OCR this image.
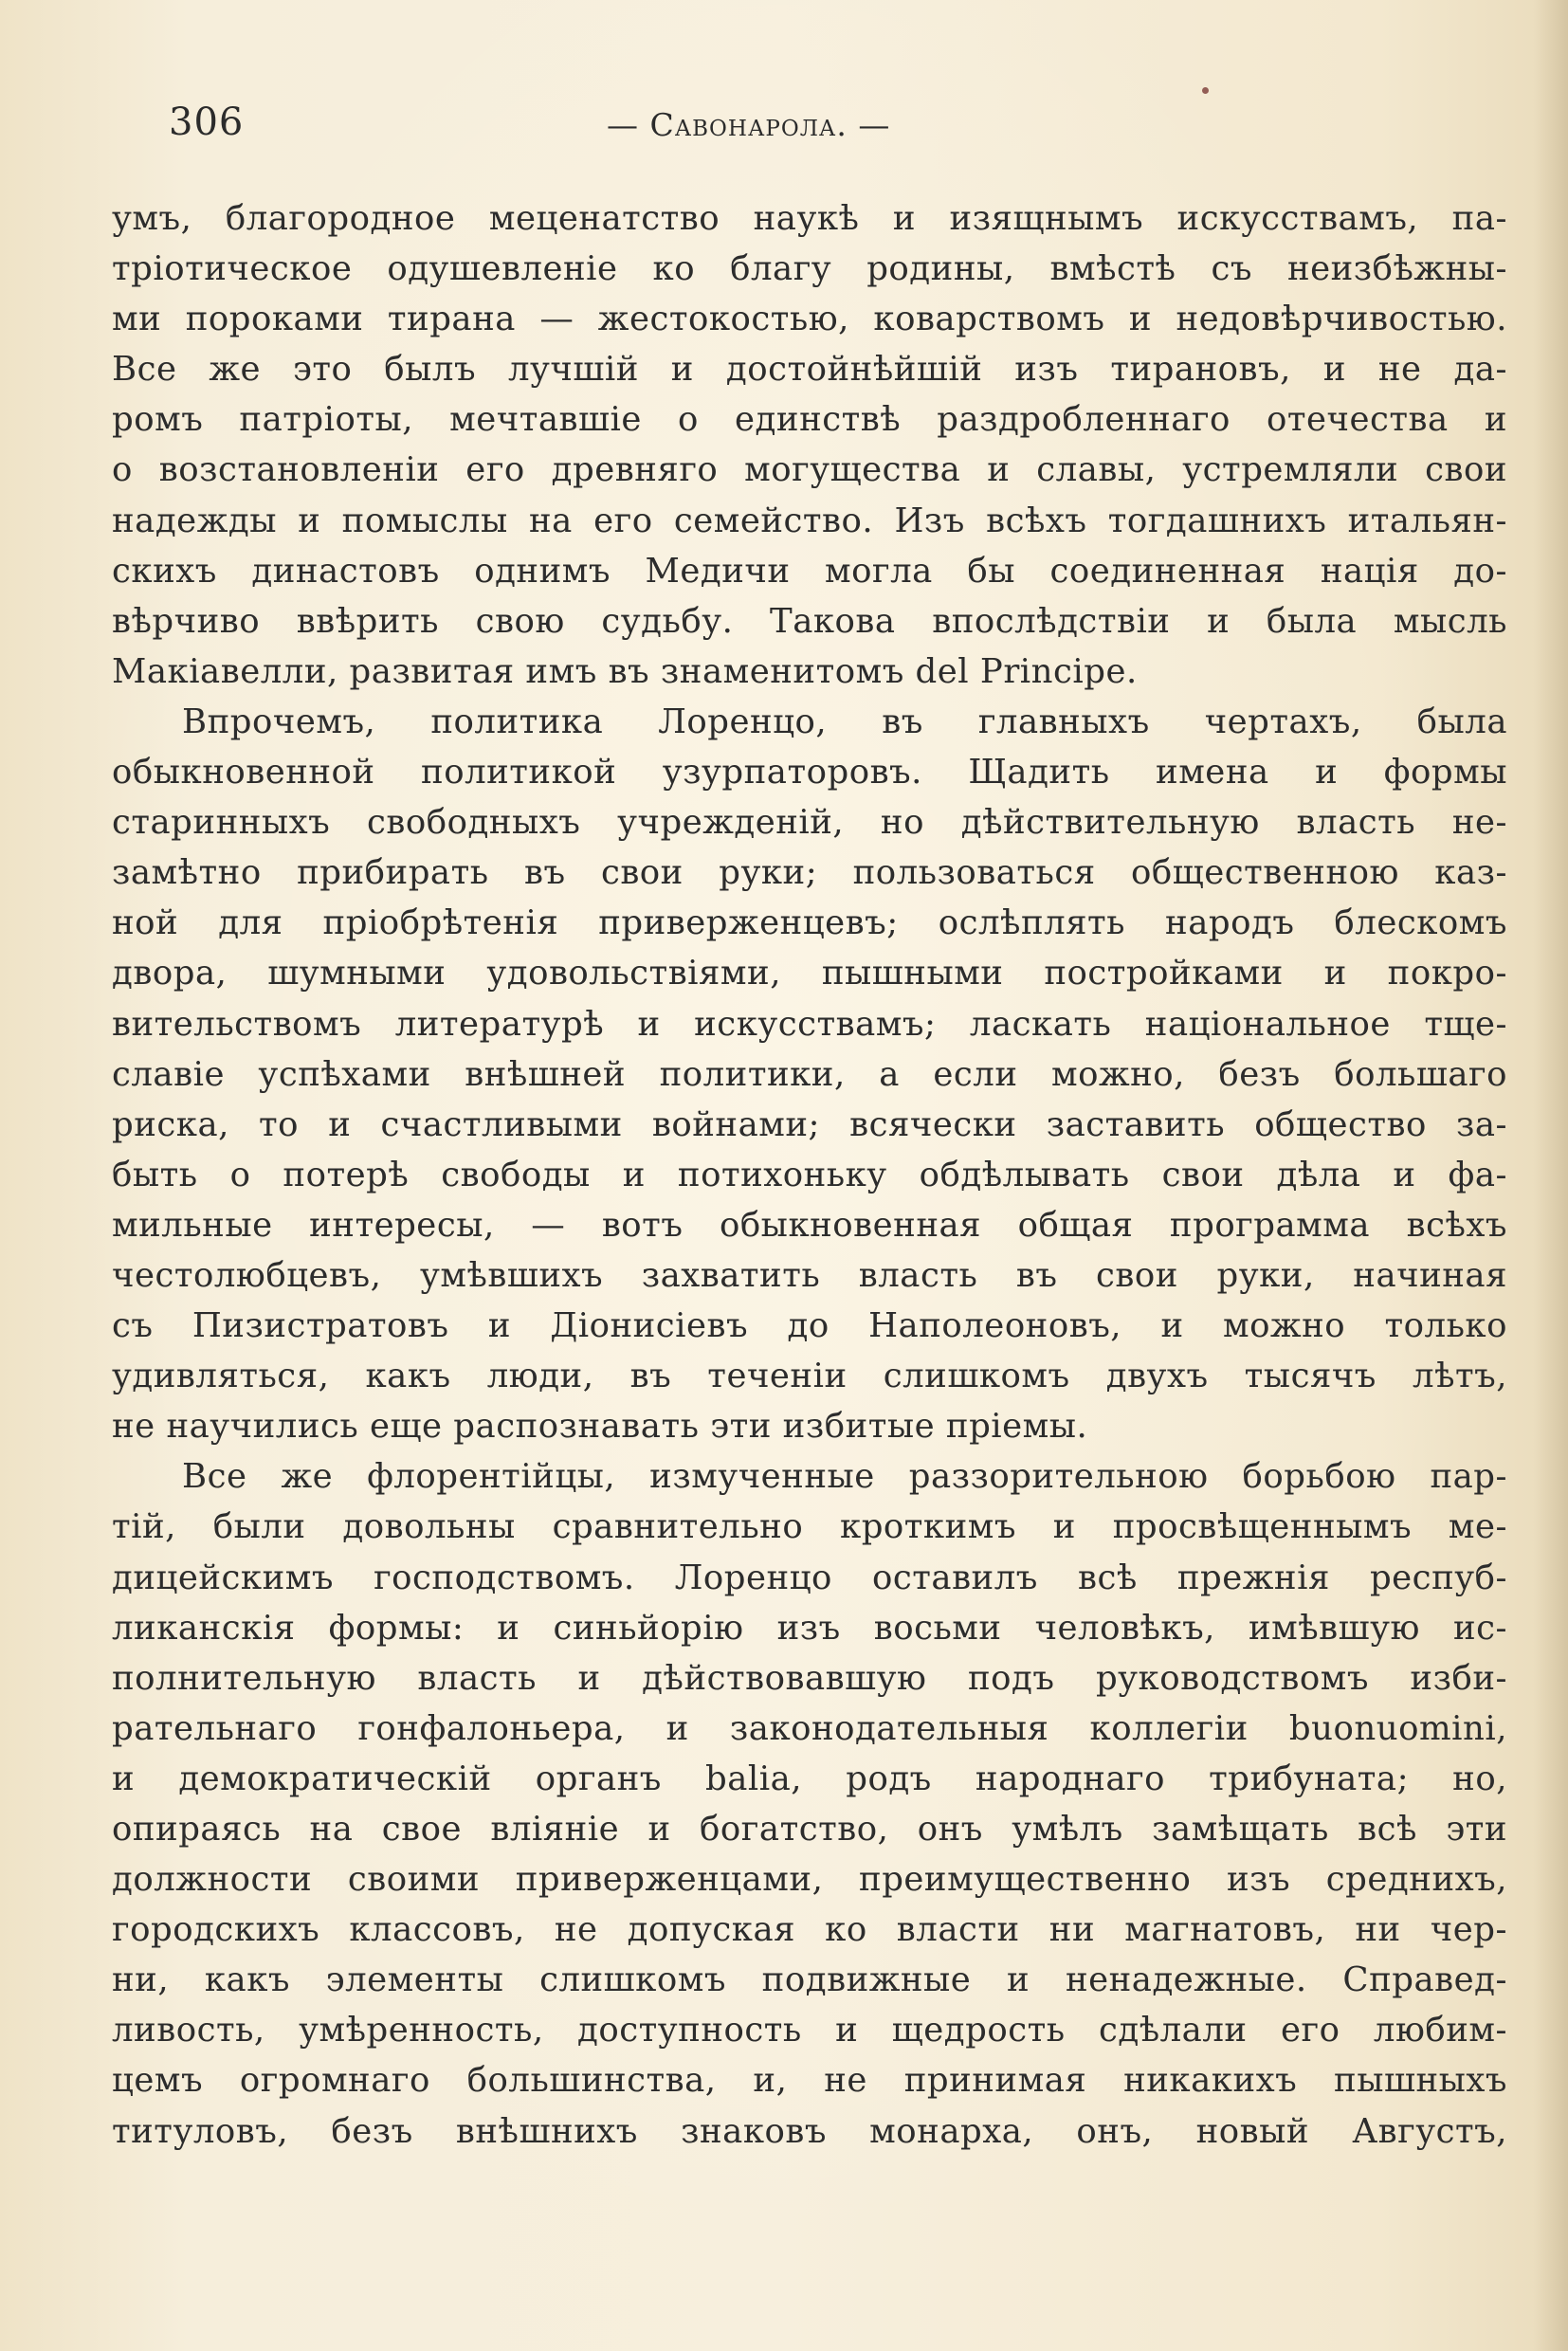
306	— Савонарола. —
умъ, благородное меценатство наукѣ и изящнымъ искусствамъ, па-
тріотическое одушевленіе ко благу родины, вмѣстѣ съ неизбѣжны-
ми пороками тирана — жестокостью, коварствомъ и недовѣрчивостью.
Все же это былъ лучшій и достойнѣйшій изъ тирановъ, и не да-
ромъ патріоты, мечтавшіе о единствѣ раздробленнаго отечества и
о возстановленіи его древняго могущества и славы, устремляли свои
надежды и помыслы на его семейство. Изъ всѣхъ тогдашнихъ итальян-
скихъ династовъ однимъ Медичи могла бы соединенная нація до-
вѣрчиво ввѣрить свою судьбу. Такова впослѣдствіи и была мысль
Макіавелли, развитая имъ въ знаменитомъ del Principe.
Впрочемъ, политика Лоренцо, въ главныхъ чертахъ, была
обыкновенной политикой узурпаторовъ. Щадить имена и формы
старинныхъ свободныхъ учрежденій, но дѣйствительную власть не-
замѣтно прибирать въ свои руки; пользоваться общественною каз-
ной для пріобрѣтенія приверженцевъ; ослѣплять народъ блескомъ
двора, шумными удовольствіями, пышными постройками и покро-
вительствомъ литературѣ и искусствамъ; ласкать національное тще-
славіе успѣхами внѣшней политики, а если можно, безъ большаго
риска, то и счастливыми войнами; всячески заставить общество за-
быть о потерѣ свободы и потихоньку обдѣлывать свои дѣла и фа-
мильные интересы, — вотъ обыкновенная общая программа всѣхъ
честолюбцевъ, умѣвшихъ захватить власть въ свои руки, начиная
съ Пизистратовъ и Діонисіевъ до Наполеоновъ, и можно только
удивляться, какъ люди, въ теченіи слишкомъ двухъ тысячъ лѣтъ,
не научились еще распознавать эти избитые пріемы.
Все же флорентійцы, измученные раззорительною борьбою пар-
тій, были довольны сравнительно кроткимъ и просвѣщеннымъ ме-
дицейскимъ господствомъ. Лоренцо оставилъ всѣ прежнія респуб-
ликанскія формы: и синьйорію изъ восьми человѣкъ, имѣвшую ис-
полнительную власть и дѣйствовавшую подъ руководствомъ изби-
рательнаго гонфалоньера, и законодательныя коллегіи buonuomini,
и демократическій органъ balia, родъ народнаго трибуната; но,
опираясь на свое вліяніе и богатство, онъ умѣлъ замѣщать всѣ эти
должности своими приверженцами, преимущественно изъ среднихъ,
городскихъ классовъ, не допуская ко власти ни магнатовъ, ни чер-
ни, какъ элементы слишкомъ подвижные и ненадежные. Справед-
ливость, умѣренность, доступность и щедрость сдѣлали его любим-
цемъ огромнаго большинства, и, не принимая никакихъ пышныхъ
титуловъ, безъ внѣшнихъ знаковъ монарха, онъ, новый Августъ,
